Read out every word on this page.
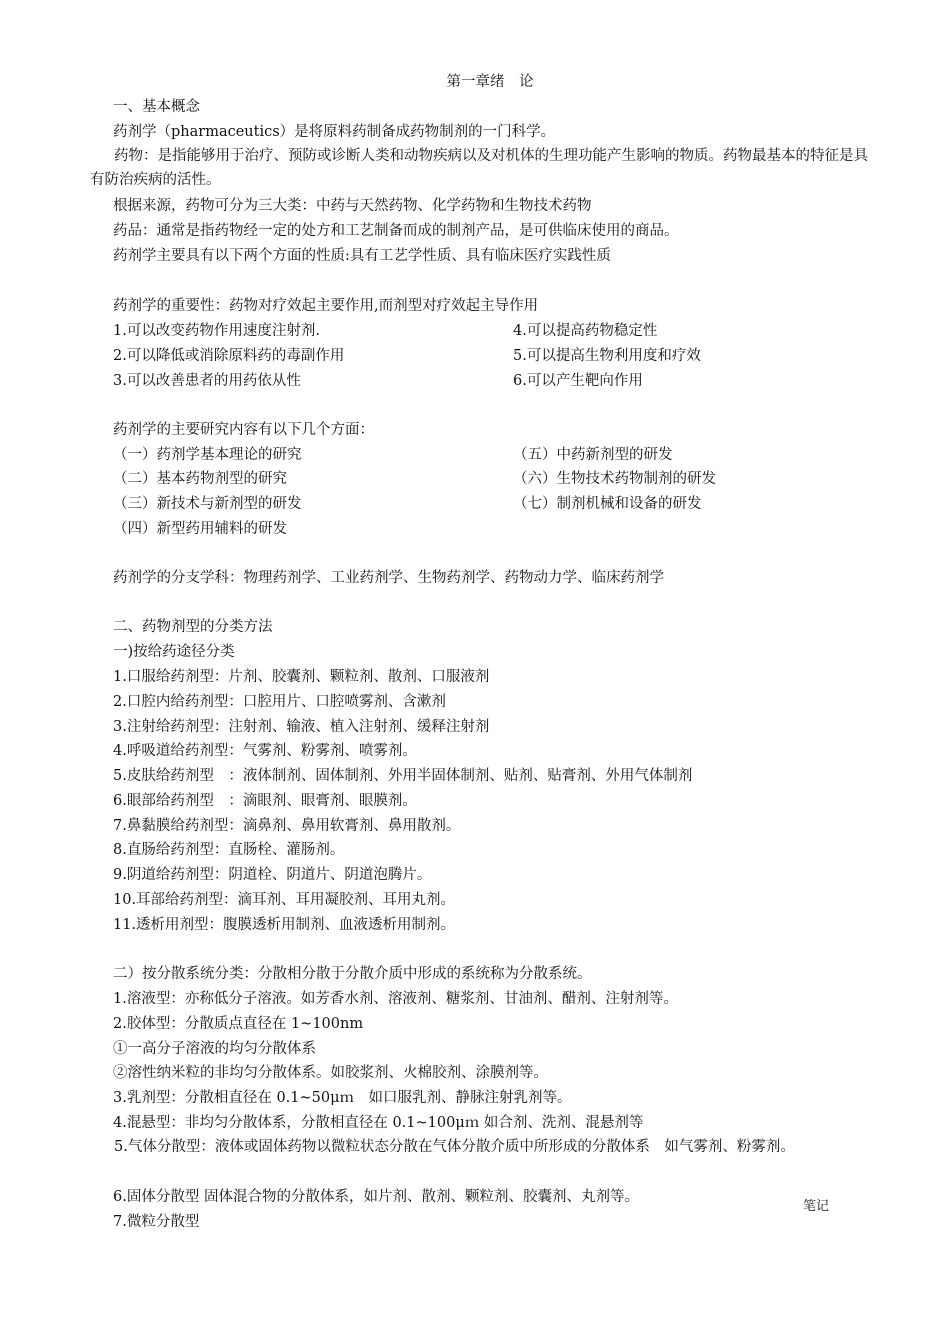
第一章绪　论
一、基本概念
药剂学（pharmaceutics）是将原料药制备成药物制剂的一门科学。
药物：是指能够用于治疗、预防或诊断人类和动物疾病以及对机体的生理功能产生影响的物质。药物最基本的特征是具有防治疾病的活性。
根据来源，药物可分为三大类：中药与天然药物、化学药物和生物技术药物
药品：通常是指药物经一定的处方和工艺制备而成的制剂产品，是可供临床使用的商品。
药剂学主要具有以下两个方面的性质:具有工艺学性质、具有临床医疗实践性质
药剂学的重要性：药物对疗效起主要作用,而剂型对疗效起主导作用
1.可以改变药物作用速度注射剂.	4.可以提高药物稳定性
2.可以降低或消除原料药的毒副作用	5.可以提高生物利用度和疗效
3.可以改善患者的用药依从性	6.可以产生靶向作用
药剂学的主要研究内容有以下几个方面：
（一）药剂学基本理论的研究	（五）中药新剂型的研发
（二）基本药物剂型的研究	（六）生物技术药物制剂的研发
（三）新技术与新剂型的研发	（七）制剂机械和设备的研发
（四）新型药用辅料的研发
药剂学的分支学科：物理药剂学、工业药剂学、生物药剂学、药物动力学、临床药剂学
二、药物剂型的分类方法
一)按给药途径分类
1.口服给药剂型：片剂、胶囊剂、颗粒剂、散剂、口服液剂
2.口腔内给药剂型：口腔用片、口腔喷雾剂、含漱剂
3.注射给药剂型：注射剂、输液、植入注射剂、缓释注射剂
4.呼吸道给药剂型：气雾剂、粉雾剂、喷雾剂。
5.皮肤给药剂型　：液体制剂、固体制剂、外用半固体制剂、贴剂、贴膏剂、外用气体制剂
6.眼部给药剂型　：滴眼剂、眼膏剂、眼膜剂。
7.鼻黏膜给药剂型：滴鼻剂、鼻用软膏剂、鼻用散剂。
8.直肠给药剂型：直肠栓、灌肠剂。
9.阴道给药剂型：阴道栓、阴道片、阴道泡腾片。
10.耳部给药剂型：滴耳剂、耳用凝胶剂、耳用丸剂。
11.透析用剂型：腹膜透析用制剂、血液透析用制剂。
二）按分散系统分类：分散相分散于分散介质中形成的系统称为分散系统。
1.溶液型：亦称低分子溶液。如芳香水剂、溶液剂、糖浆剂、甘油剂、醋剂、注射剂等。
2.胶体型：分散质点直径在 1~100nm
①一高分子溶液的均匀分散体系
②溶性纳米粒的非均匀分散体系。如胶浆剂、火棉胶剂、涂膜剂等。
3.乳剂型：分散相直径在 0.1~50μｍ　如口服乳剂、静脉注射乳剂等。
4.混悬型：非均匀分散体系，分散相直径在 0.1~100μｍ 如合剂、洗剂、混悬剂等
5.气体分散型：液体或固体药物以微粒状态分散在气体分散介质中所形成的分散体系　如气雾剂、粉雾剂。
6.固体分散型 固体混合物的分散体系，如片剂、散剂、颗粒剂、胶囊剂、丸剂等。
笔记
7.微粒分散型
